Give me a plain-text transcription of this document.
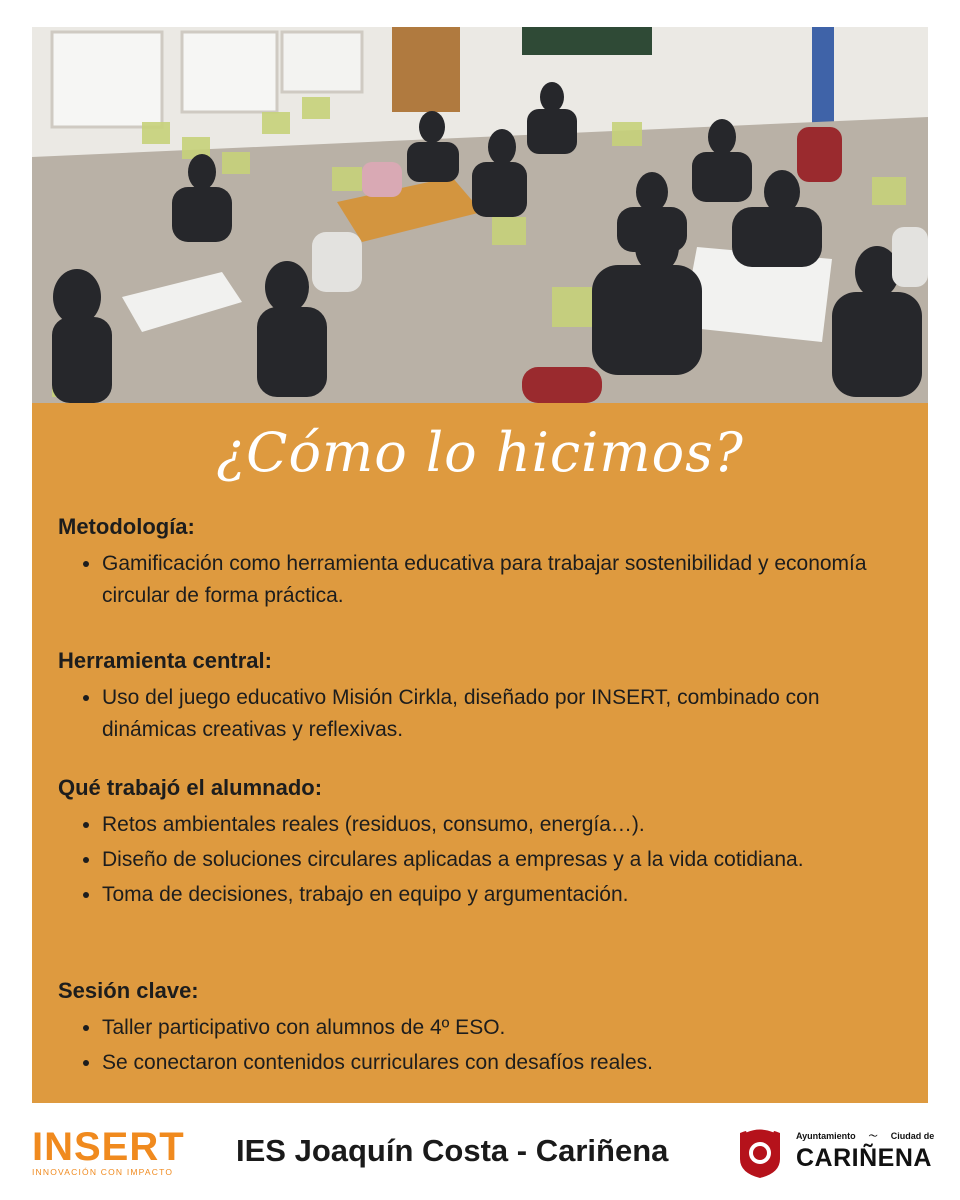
¿Cómo lo hicimos?
Metodología:
• Gamificación como herramienta educativa para trabajar sostenibilidad y economía circular de forma práctica.
Herramienta central:
• Uso del juego educativo Misión Cirkla, diseñado por INSERT, combinado con dinámicas creativas y reflexivas.
Qué trabajó el alumnado:
• Retos ambientales reales (residuos, consumo, energía…).
• Diseño de soluciones circulares aplicadas a empresas y a la vida cotidiana.
• Toma de decisiones, trabajo en equipo y argumentación.
Sesión clave:
• Taller participativo con alumnos de 4º ESO.
• Se conectaron contenidos curriculares con desafíos reales.
INSERT
INNOVACIÓN CON IMPACTO
IES Joaquín Costa - Cariñena	Ayuntamiento 〜 Ciudad de
CARIÑENA
